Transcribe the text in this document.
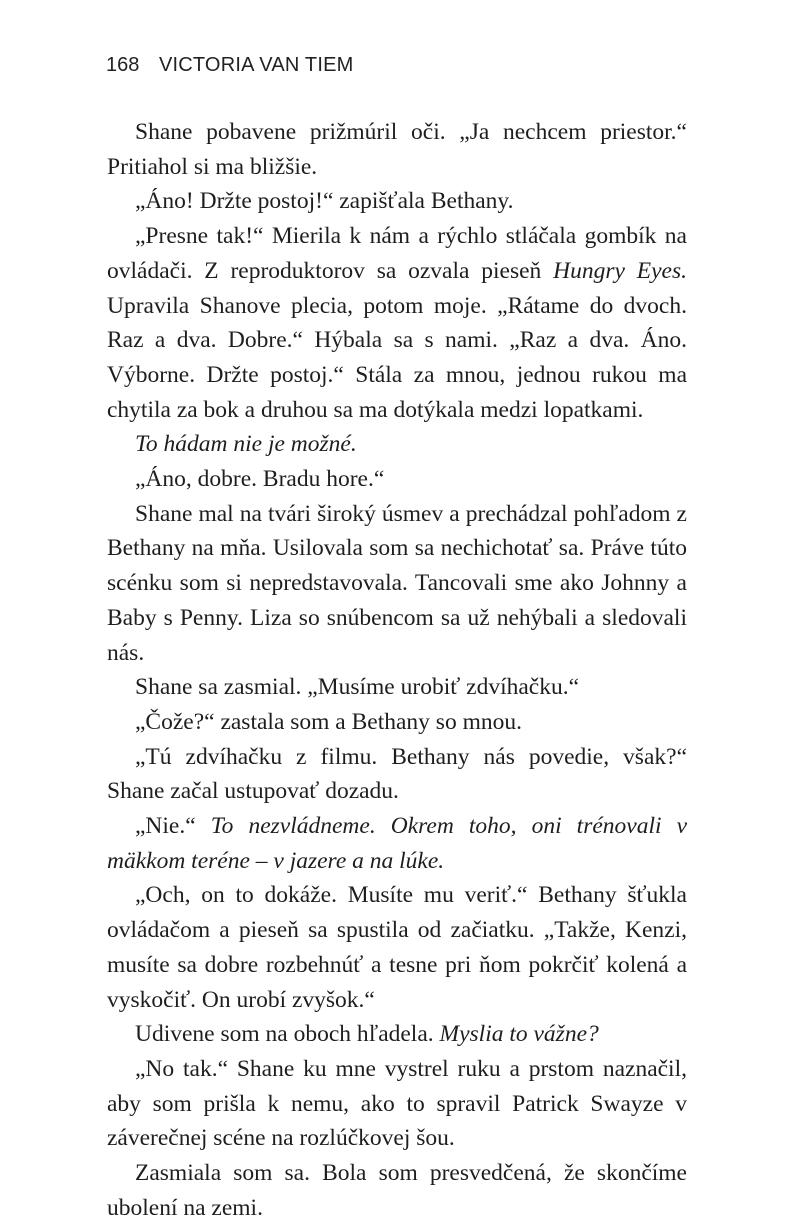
168 VICTORIA VAN TIEM

Shane pobavene prižmúril oči. „Ja nechcem priestor.“ Pritiahol si ma bližšie.

„Áno! Držte postoj!“ zapišťala Bethany.

„Presne tak!“ Mierila k nám a rýchlo stláčala gombík na ovládači. Z reproduktorov sa ozvala pieseň Hungry Eyes. Upravila Shanove plecia, potom moje. „Rátame do dvoch. Raz a dva. Dobre.“ Hýbala sa s nami. „Raz a dva. Áno. Výborne. Držte postoj.“ Stála za mnou, jednou rukou ma chytila za bok a druhou sa ma dotýkala medzi lopatkami.

To hádam nie je možné.

„Áno, dobre. Bradu hore.“

Shane mal na tvári široký úsmev a prechádzal pohľadom z Bethany na mňa. Usilovala som sa nechichotať sa. Práve túto scénku som si nepredstavovala. Tancovali sme ako Johnny a Baby s Penny. Liza so snúbencom sa už nehýbali a sledovali nás.

Shane sa zasmial. „Musíme urobiť zdvíhačku.“

„Čože?“ zastala som a Bethany so mnou.

„Tú zdvíhačku z filmu. Bethany nás povedie, však?“ Shane začal ustupovať dozadu.

„Nie.“ To nezvládneme. Okrem toho, oni trénovali v mäkkom teréne – v jazere a na lúke.

„Och, on to dokáže. Musíte mu veriť.“ Bethany šťukla ovládačom a pieseň sa spustila od začiatku. „Takže, Kenzi, musíte sa dobre rozbehnúť a tesne pri ňom pokrčiť kolená a vyskočiť. On urobí zvyšok.“

Udivene som na oboch hľadela. Myslia to vážne?

„No tak.“ Shane ku mne vystrel ruku a prstom naznačil, aby som prišla k nemu, ako to spravil Patrick Swayze v záverečnej scéne na rozlúčkovej šou.

Zasmiala som sa. Bola som presvedčená, že skončíme ubolení na zemi.
